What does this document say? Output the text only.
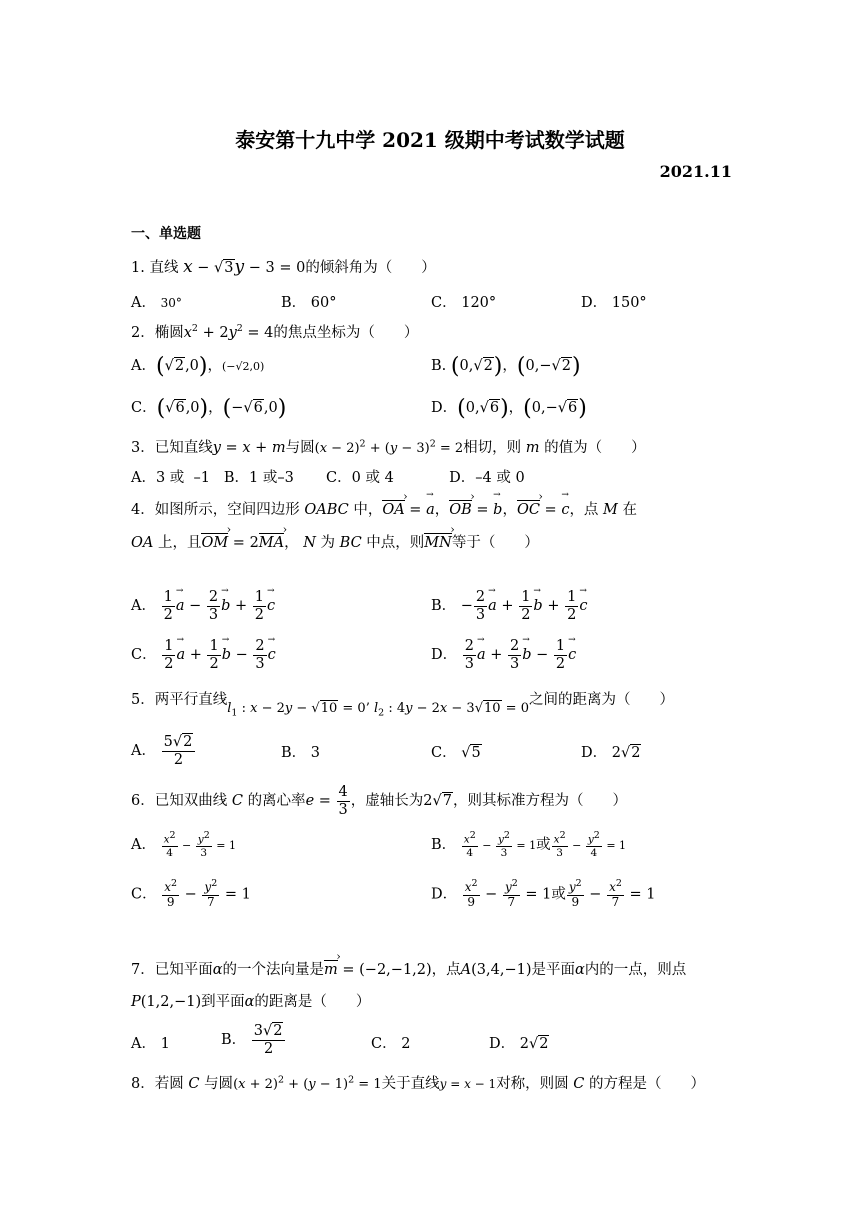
泰安第十九中学 2021 级期中考试数学试题
2021.11
一、单选题
1. 直线 x − √3y − 3 = 0的倾斜角为（　　）
A． 30°	B． 60°	C． 120°	D． 150°
2．椭圆$x^2 + 2y^2 = 4$的焦点坐标为（　　）
A．(√2,0)，(−√2,0)	B. (0,√2)，(0,−√2)
C．(√6,0)，(−√6,0)	D．(0,√6)，(0,−√6)
3．已知直线y = x + m与圆$(x - 2)^2 + (y - 3)^2 = 2$相切，则 m 的值为（　　）
A．3 或  –1   B．1 或–3       C．0 或 4            D．–4 或 0
4．如图所示，空间四边形 OABC 中，OA › = a →，OB › = b →，OC › = c →，点 M 在
OA 上，且OM › = 2MA ›， N 为 BC 中点，则MN ›等于（　　）
A． $\frac{1}{2}$ a → − $\frac{2}{3}$ b → + $\frac{1}{2}$ c →	B． − $\frac{2}{3}$ a → + $\frac{1}{2}$ b → + $\frac{1}{2}$ c →
C． $\frac{1}{2}$ a → + $\frac{1}{2}$ b → − $\frac{2}{3}$ c →	D． $\frac{2}{3}$ a → + $\frac{2}{3}$ b → − $\frac{1}{2}$ c →
5．两平行直线$l_1$ : x − 2y − √10 = 0’ $l_2$ : 4y − 2x − 3√10 = 0之间的距离为（　　）
A． $\frac{5√2}{2}$	B． 3	C． √5	D． 2√2
6．已知双曲线 C 的离心率$e = \frac{4}{3}$ ，虚轴长为2√7，则其标准方程为（　　）
A． $\frac{x^2}{4} - \frac{y^2}{3} = 1$	B． $\frac{x^2}{4} - \frac{y^2}{3} = 1$或 $\frac{x^2}{3} - \frac{y^2}{4} = 1$
C． $\frac{x^2}{9} - \frac{y^2}{7} = 1$	D． $\frac{x^2}{9} - \frac{y^2}{7} = 1$或 $\frac{y^2}{9} - \frac{x^2}{7} = 1$
7．已知平面α的一个法向量是m › = (−2,−1,2)，点A(3,4,−1)是平面α内的一点，则点
P(1,2,−1)到平面α的距离是（　　）
A． 1	B． $\frac{3√2}{2}$	C． 2	D． 2√2
8．若圆 C 与圆$(x + 2)^2 + (y - 1)^2 = 1$关于直线y = x − 1对称，则圆 C 的方程是（　　）
